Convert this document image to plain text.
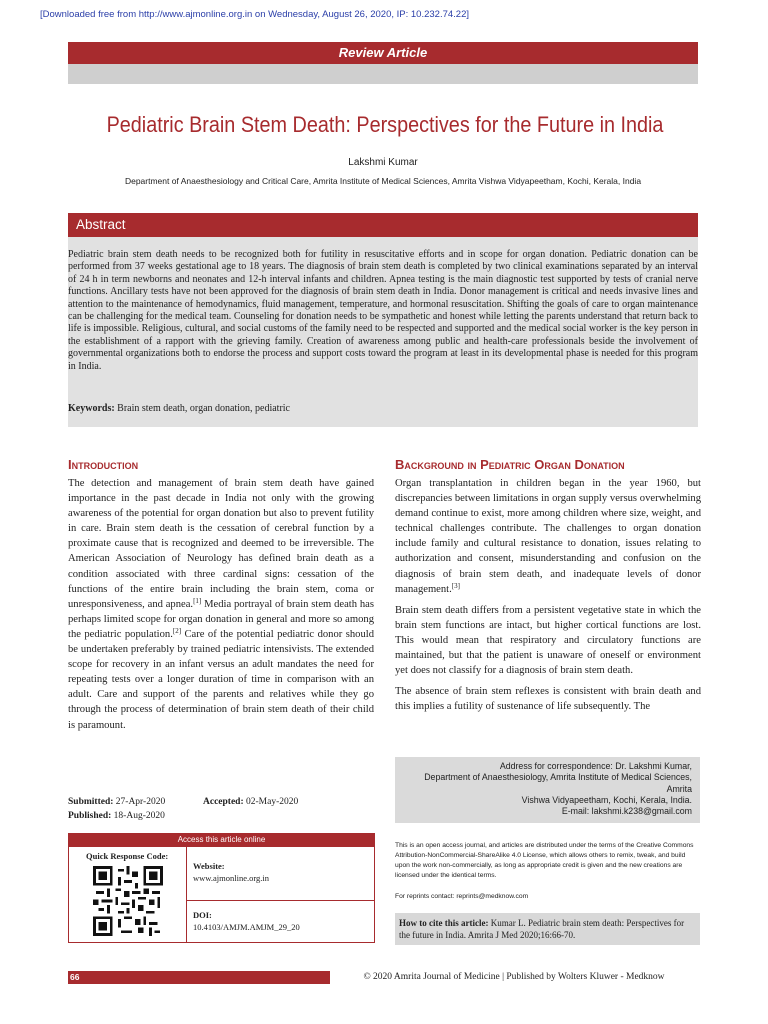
[Downloaded free from http://www.ajmonline.org.in on Wednesday, August 26, 2020, IP: 10.232.74.22]
Review Article
Pediatric Brain Stem Death: Perspectives for the Future in India
Lakshmi Kumar
Department of Anaesthesiology and Critical Care, Amrita Institute of Medical Sciences, Amrita Vishwa Vidyapeetham, Kochi, Kerala, India
Abstract
Pediatric brain stem death needs to be recognized both for futility in resuscitative efforts and in scope for organ donation. Pediatric donation can be performed from 37 weeks gestational age to 18 years. The diagnosis of brain stem death is completed by two clinical examinations separated by an interval of 24 h in term newborns and neonates and 12-h interval infants and children. Apnea testing is the main diagnostic test supported by tests of cranial nerve functions. Ancillary tests have not been approved for the diagnosis of brain stem death in India. Donor management is critical and needs invasive lines and attention to the maintenance of hemodynamics, fluid management, temperature, and hormonal resuscitation. Shifting the goals of care to organ maintenance can be challenging for the medical team. Counseling for donation needs to be sympathetic and honest while letting the parents understand that return back to life is impossible. Religious, cultural, and social customs of the family need to be respected and supported and the medical social worker is the key person in the establishment of a rapport with the grieving family. Creation of awareness among public and health-care professionals beside the involvement of governmental organizations both to endorse the process and support costs toward the program at least in its developmental phase is needed for this program in India.
Keywords: Brain stem death, organ donation, pediatric
Introduction

The detection and management of brain stem death have gained importance in the past decade in India not only with the growing awareness of the potential for organ donation but also to prevent futility in care. Brain stem death is the cessation of cerebral function by a proximate cause that is recognized and deemed to be irreversible. The American Association of Neurology has defined brain death as a condition associated with three cardinal signs: cessation of the functions of the entire brain including the brain stem, coma or unresponsiveness, and apnea.[1] Media portrayal of brain stem death has perhaps limited scope for organ donation in general and more so among the pediatric population.[2] Care of the potential pediatric donor should be undertaken preferably by trained pediatric intensivists. The extended scope for recovery in an infant versus an adult mandates the need for repeating tests over a longer duration of time in comparison with an adult. Care and support of the parents and relatives while they go through the process of determination of brain stem death of their child is paramount.

Submitted: 27-Apr-2020	Accepted: 02-May-2020
Published: 18-Aug-2020
Access this article online
Quick Response Code:
Website:
www.ajmonline.org.in
DOI:
10.4103/AMJM.AMJM_29_20
Background in Pediatric Organ Donation

Organ transplantation in children began in the year 1960, but discrepancies between limitations in organ supply versus overwhelming demand continue to exist, more among children where size, weight, and technical challenges contribute. The challenges to organ donation include family and cultural resistance to donation, issues relating to authorization and consent, misunderstanding and confusion on the diagnosis of brain stem death, and inadequate levels of donor management.[3]

Brain stem death differs from a persistent vegetative state in which the brain stem functions are intact, but higher cortical functions are lost. This would mean that respiratory and circulatory functions are maintained, but that the patient is unaware of oneself or environment yet does not classify for a diagnosis of brain stem death.

The absence of brain stem reflexes is consistent with brain death and this implies a futility of sustenance of life subsequently. The

Address for correspondence: Dr. Lakshmi Kumar,
Department of Anaesthesiology, Amrita Institute of Medical Sciences, Amrita
Vishwa Vidyapeetham, Kochi, Kerala, India.
E-mail: lakshmi.k238@gmail.com
This is an open access journal, and articles are distributed under the terms of the Creative Commons Attribution-NonCommercial-ShareAlike 4.0 License, which allows others to remix, tweak, and build upon the work non-commercially, as long as appropriate credit is given and the new creations are licensed under the identical terms.
For reprints contact: reprints@medknow.com
How to cite this article: Kumar L. Pediatric brain stem death: Perspectives for the future in India. Amrita J Med 2020;16:66-70.
66	© 2020 Amrita Journal of Medicine | Published by Wolters Kluwer - Medknow
